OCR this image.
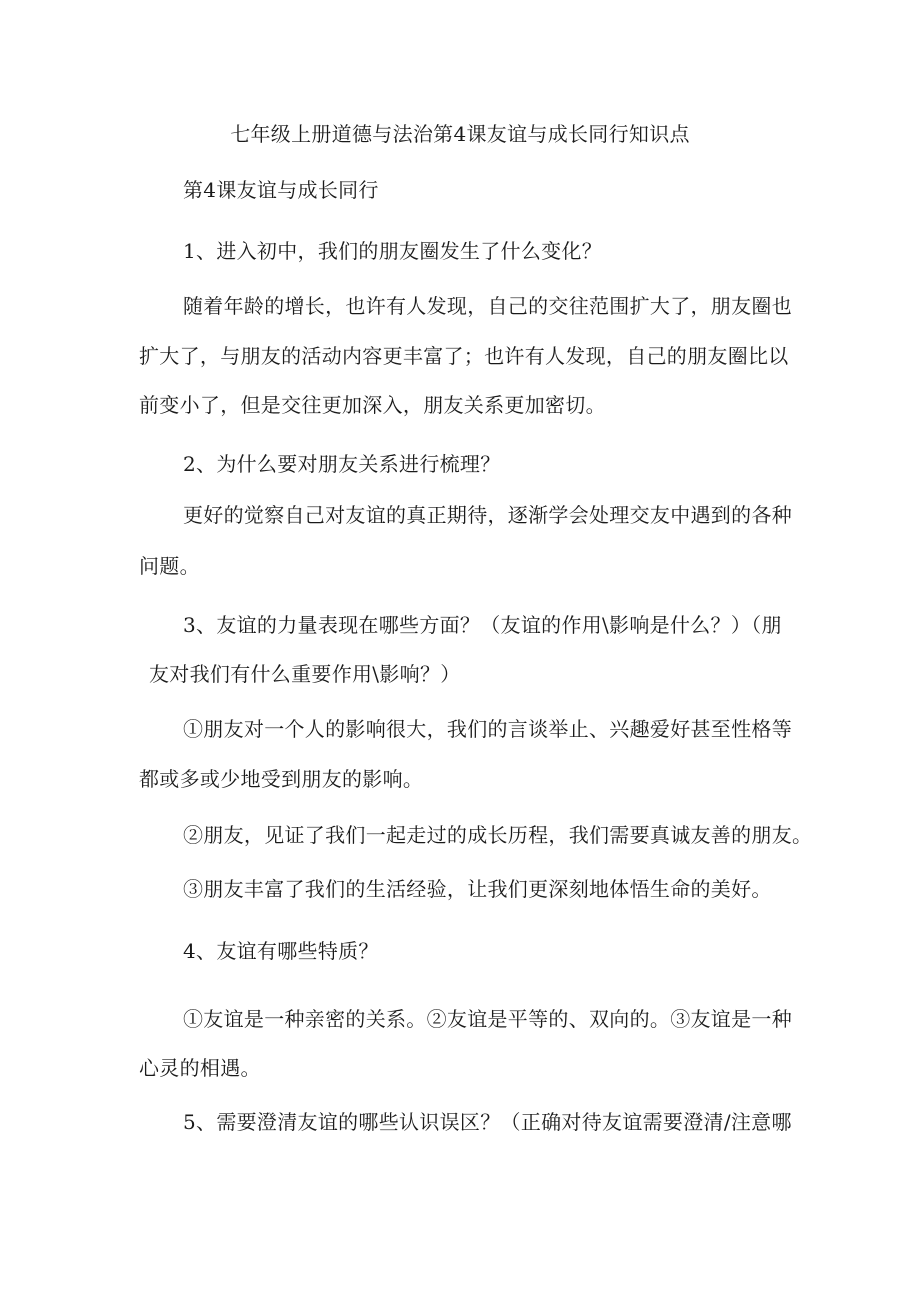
七年级上册道德与法治第4课友谊与成长同行知识点
第4课友谊与成长同行
1、进入初中，我们的朋友圈发生了什么变化？
随着年龄的增长，也许有人发现，自己的交往范围扩大了，朋友圈也
扩大了，与朋友的活动内容更丰富了；也许有人发现，自己的朋友圈比以
前变小了，但是交往更加深入，朋友关系更加密切。
2、为什么要对朋友关系进行梳理？
更好的觉察自己对友谊的真正期待，逐渐学会处理交友中遇到的各种
问题。
3、友谊的力量表现在哪些方面？（友谊的作用\影响是什么？）（朋
友对我们有什么重要作用\影响？）
①朋友对一个人的影响很大，我们的言谈举止、兴趣爱好甚至性格等
都或多或少地受到朋友的影响。
②朋友，见证了我们一起走过的成长历程，我们需要真诚友善的朋友。
③朋友丰富了我们的生活经验，让我们更深刻地体悟生命的美好。
4、友谊有哪些特质？
①友谊是一种亲密的关系。②友谊是平等的、双向的。③友谊是一种
心灵的相遇。
5、需要澄清友谊的哪些认识误区？（正确对待友谊需要澄清/注意哪
